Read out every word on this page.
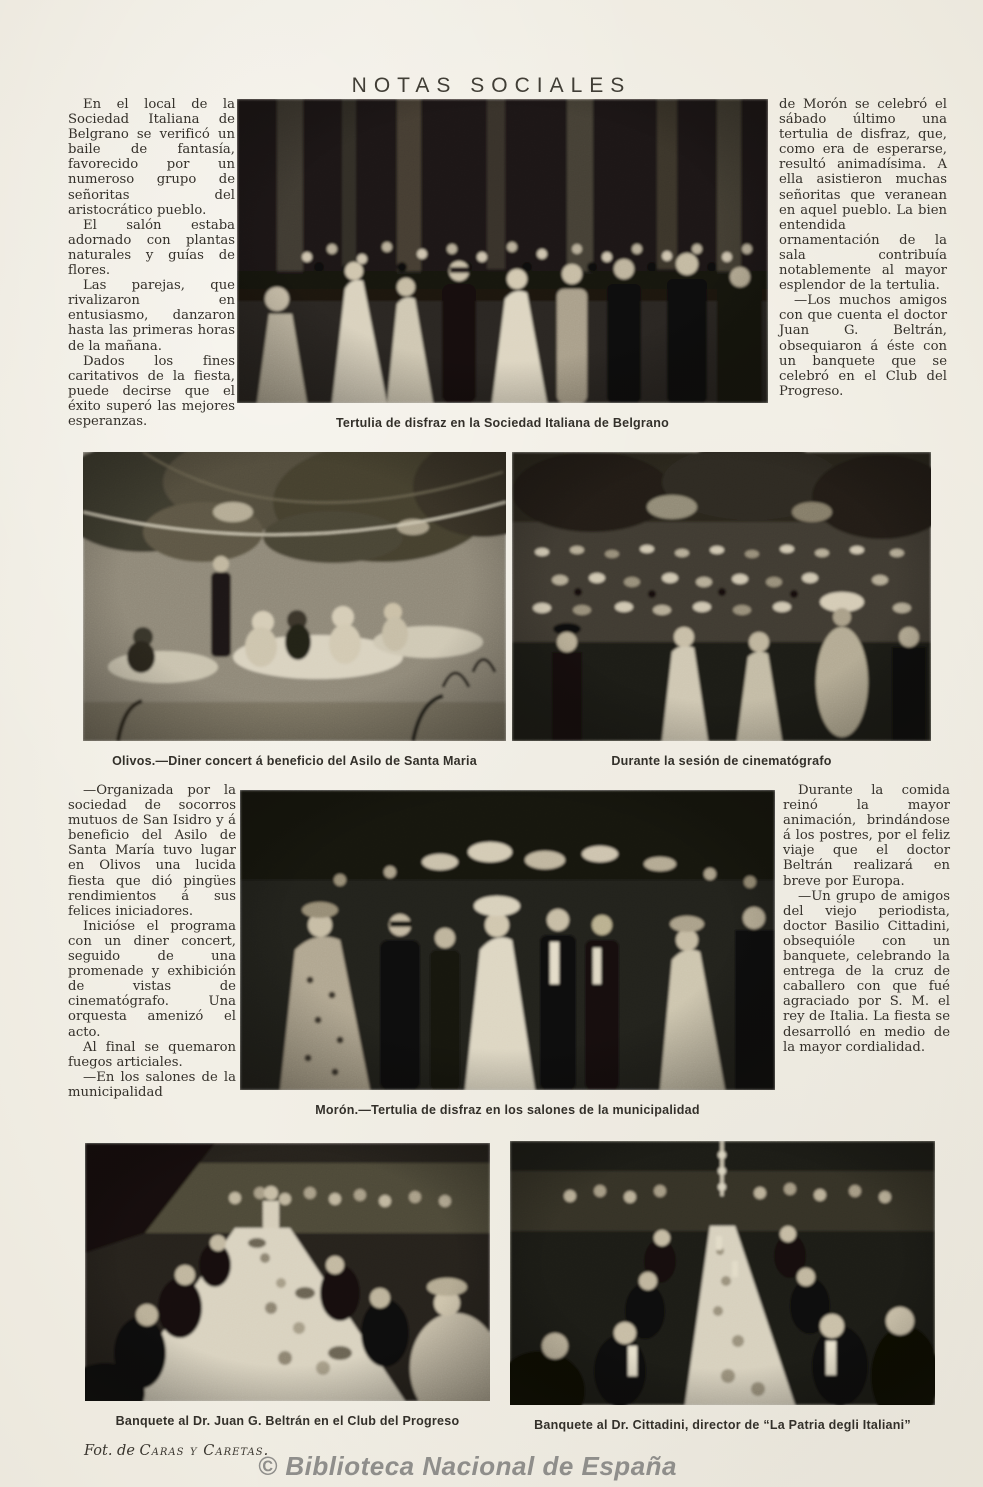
NOTAS SOCIALES

En el local de la Sociedad Italiana de Belgrano se verificó un baile de fantasía, favorecido por un numeroso grupo de señoritas del aristocrático pueblo.

El salón estaba adornado con plantas naturales y guías de flores.

Las parejas, que rivalizaron en entusiasmo, danzaron hasta las primeras horas de la mañana.

Dados los fines caritativos de la fiesta, puede decirse que el éxito superó las mejores esperanzas.

de Morón se celebró el sábado último una tertulia de disfraz, que, como era de esperarse, resultó animadísima. A ella asistieron muchas señoritas que veranean en aquel pueblo. La bien entendida ornamentación de la sala contribuía notablemente al mayor esplendor de la tertulia.

—Los muchos amigos con que cuenta el doctor Juan G. Beltrán, obsequiaron á éste con un banquete que se celebró en el Club del Progreso.

Tertulia de disfraz en la Sociedad Italiana de Belgrano
Olivos.—Diner concert á beneficio del Asilo de Santa Maria	Durante la sesión de cinematógrafo

—Organizada por la sociedad de socorros mutuos de San Isidro y á beneficio del Asilo de Santa María tuvo lugar en Olivos una lucida fiesta que dió pingües rendimientos á sus felices iniciadores.

Inicióse el programa con un diner concert, seguido de una promenade y exhibición de vistas de cinematógrafo. Una orquesta amenizó el acto.

Al final se quemaron fuegos articiales.

—En los salones de la municipalidad

Durante la comida reinó la mayor animación, brindándose á los postres, por el feliz viaje que el doctor Beltrán realizará en breve por Europa.

—Un grupo de amigos del viejo periodista, doctor Basilio Cittadini, obsequióle con un banquete, celebrando la entrega de la cruz de caballero con que fué agraciado por S. M. el rey de Italia. La fiesta se desarrolló en medio de la mayor cordialidad.

Morón.—Tertulia de disfraz en los salones de la municipalidad
Banquete al Dr. Juan G. Beltrán en el Club del Progreso	Banquete al Dr. Cittadini, director de “La Patria degli Italiani”
Fot. de Caras y Caretas.
© Biblioteca Nacional de España
